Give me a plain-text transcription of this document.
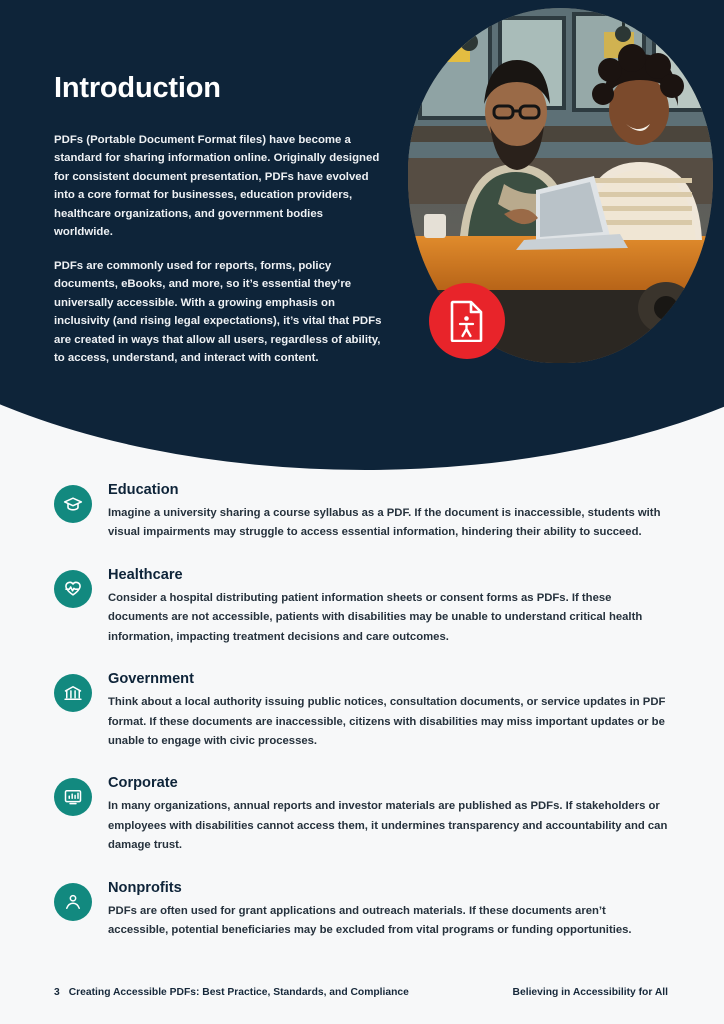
Introduction
PDFs (Portable Document Format files) have become a standard for sharing information online. Originally designed for consistent document presentation, PDFs have evolved into a core format for businesses, education providers, healthcare organizations, and government bodies worldwide.
PDFs are commonly used for reports, forms, policy documents, eBooks, and more, so it’s essential they’re universally accessible. With a growing emphasis on inclusivity (and rising legal expectations), it’s vital that PDFs are created in ways that allow all users, regardless of ability, to access, understand, and interact with content.
Education
Imagine a university sharing a course syllabus as a PDF. If the document is inaccessible, students with visual impairments may struggle to access essential information, hindering their ability to succeed.
Healthcare
Consider a hospital distributing patient information sheets or consent forms as PDFs. If these documents are not accessible, patients with disabilities may be unable to understand critical health information, impacting treatment decisions and care outcomes.
Government
Think about a local authority issuing public notices, consultation documents, or service updates in PDF format. If these documents are inaccessible, citizens with disabilities may miss important updates or be unable to engage with civic processes.
Corporate
In many organizations, annual reports and investor materials are published as PDFs. If stakeholders or employees with disabilities cannot access them, it undermines transparency and accountability and can damage trust.
Nonprofits
PDFs are often used for grant applications and outreach materials. If these documents aren’t accessible, potential beneficiaries may be excluded from vital programs or funding opportunities.
3 Creating Accessible PDFs: Best Practice, Standards, and Compliance	Believing in Accessibility for All
